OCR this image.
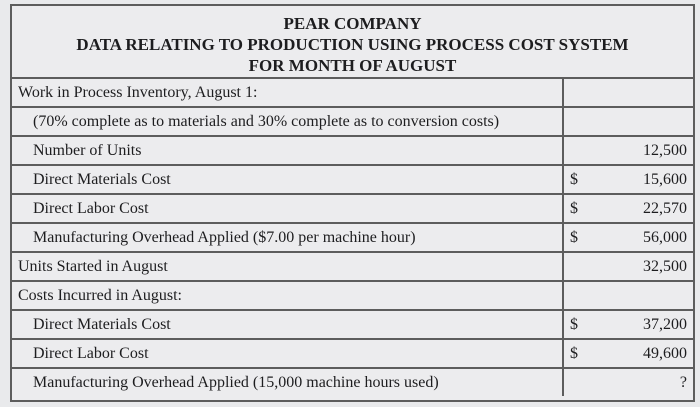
PEAR COMPANY
DATA RELATING TO PRODUCTION USING PROCESS COST SYSTEM
FOR MONTH OF AUGUST
Work in Process Inventory, August 1:		
(70% complete as to materials and 30% complete as to conversion costs)		
Number of Units		12,500
Direct Materials Cost	$	15,600
Direct Labor Cost	$	22,570
Manufacturing Overhead Applied ($7.00 per machine hour)	$	56,000
Units Started in August		32,500
Costs Incurred in August:		
Direct Materials Cost	$	37,200
Direct Labor Cost	$	49,600
Manufacturing Overhead Applied (15,000 machine hours used)		?
